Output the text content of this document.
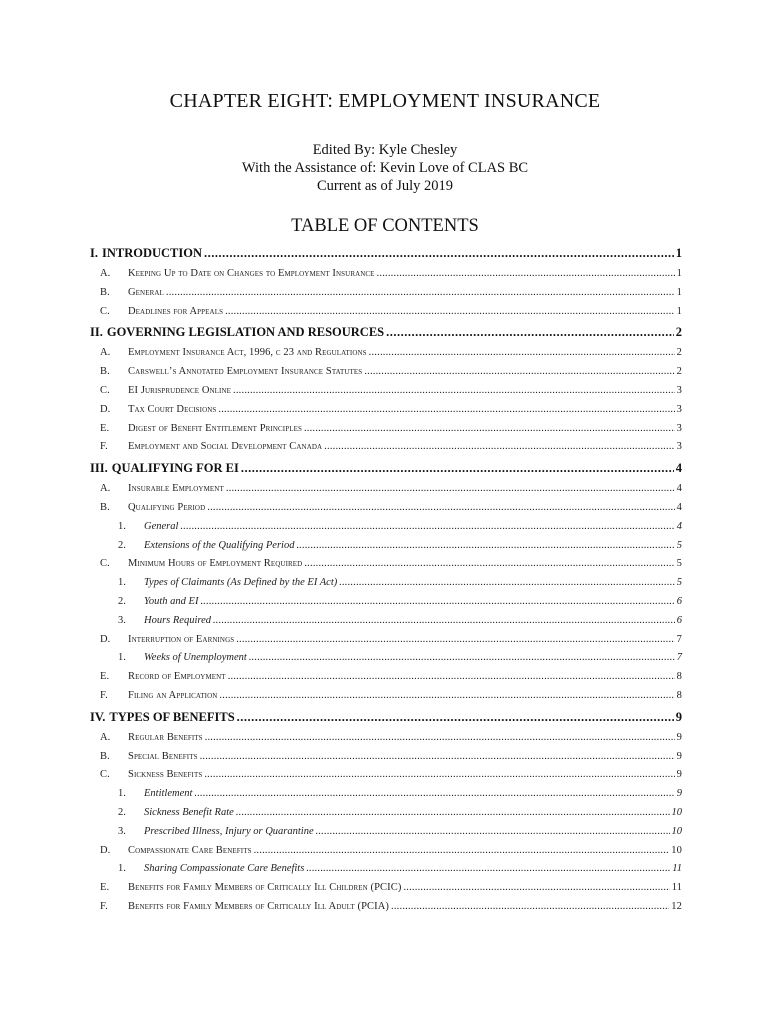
CHAPTER EIGHT: EMPLOYMENT INSURANCE
Edited By: Kyle Chesley
With the Assistance of: Kevin Love of CLAS BC
Current as of July 2019
TABLE OF CONTENTS
I. INTRODUCTION .....	1
A.	Keeping Up to Date on Changes to Employment Insurance .....	1
B.	General .....	1
C.	Deadlines for Appeals .....	1
II. GOVERNING LEGISLATION AND RESOURCES .....	2
A.	Employment Insurance Act, 1996, c 23 and Regulations .....	2
B.	Carswell’s Annotated Employment Insurance Statutes .....	2
C.	EI Jurisprudence Online .....	3
D.	Tax Court Decisions .....	3
E.	Digest of Benefit Entitlement Principles .....	3
F.	Employment and Social Development Canada .....	3
III. QUALIFYING FOR EI .....	4
A.	Insurable Employment .....	4
B.	Qualifying Period .....	4
1.	General .....	4
2.	Extensions of the Qualifying Period .....	5
C.	Minimum Hours of Employment Required .....	5
1.	Types of Claimants (As Defined by the EI Act) .....	5
2.	Youth and EI .....	6
3.	Hours Required .....	6
D.	Interruption of Earnings .....	7
1.	Weeks of Unemployment .....	7
E.	Record of Employment .....	8
F.	Filing an Application .....	8
IV. TYPES OF BENEFITS .....	9
A.	Regular Benefits .....	9
B.	Special Benefits .....	9
C.	Sickness Benefits .....	9
1.	Entitlement .....	9
2.	Sickness Benefit Rate .....	10
3.	Prescribed Illness, Injury or Quarantine .....	10
D.	Compassionate Care Benefits .....	10
1.	Sharing Compassionate Care Benefits .....	11
E.	Benefits for Family Members of Critically Ill Children (PCIC) .....	11
F.	Benefits for Family Members of Critically Ill Adult (PCIA) .....	12
